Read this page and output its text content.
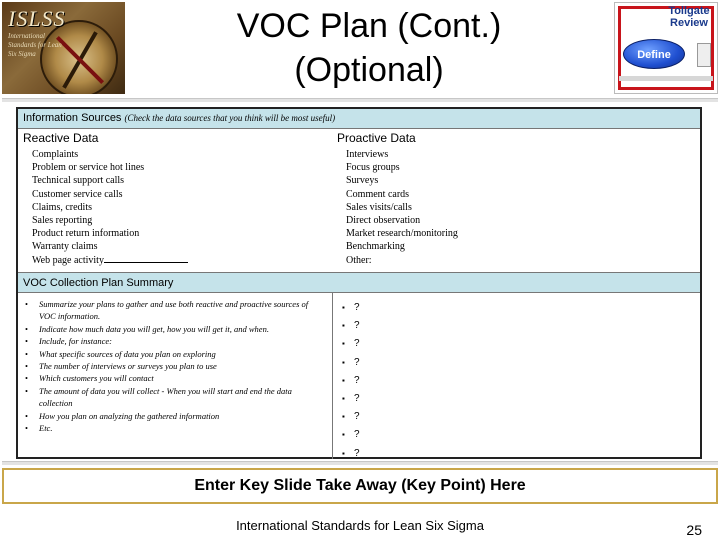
ISLSS
International Standards for Lean Six Sigma
VOC Plan (Cont.)
(Optional)
Tollgate
Review
Define
Information Sources (Check the data sources that you think will be most useful)
Reactive Data	Proactive Data
Complaints
Problem or service hot lines
Technical support calls
Customer service calls
Claims, credits
Sales reporting
Product return information
Warranty claims
Web page activity
Interviews
Focus groups
Surveys
Comment cards
Sales visits/calls
Direct observation
Market research/monitoring
Benchmarking
Other:
VOC Collection Plan Summary
• Summarize your plans to gather and use both reactive and proactive sources of VOC information.
• Indicate how much data you will get, how you will get it, and when.
• Include, for instance:
• What specific sources of data you plan on exploring
• The number of interviews or surveys you plan to use
• Which customers you will contact
• The amount of data you will collect - When you will start and end the data collection
• How you plan on analyzing the gathered information
• Etc.
▪ ?
▪ ?
▪ ?
▪ ?
▪ ?
▪ ?
▪ ?
▪ ?
▪ ?
Enter Key Slide Take Away (Key Point) Here
International Standards for Lean Six Sigma	25
